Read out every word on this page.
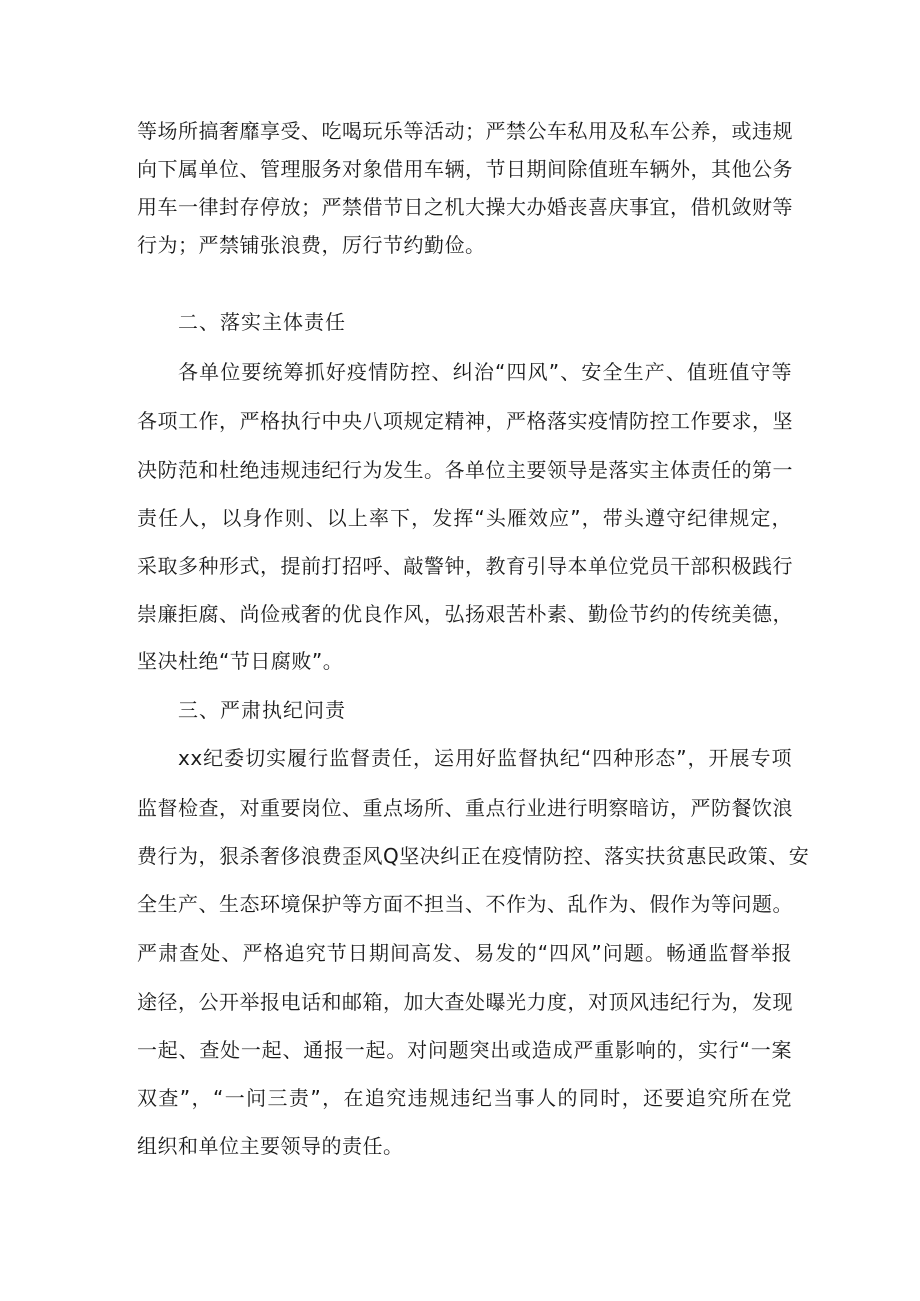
等场所搞奢靡享受、吃喝玩乐等活动；严禁公车私用及私车公养，或违规

向下属单位、管理服务对象借用车辆，节日期间除值班车辆外，其他公务

用车一律封存停放；严禁借节日之机大操大办婚丧喜庆事宜，借机敛财等

行为；严禁铺张浪费，厉行节约勤俭。

二、落实主体责任

各单位要统筹抓好疫情防控、纠治“四风”、安全生产、值班值守等

各项工作，严格执行中央八项规定精神，严格落实疫情防控工作要求，坚

决防范和杜绝违规违纪行为发生。各单位主要领导是落实主体责任的第一

责任人，以身作则、以上率下，发挥“头雁效应”，带头遵守纪律规定，

采取多种形式，提前打招呼、敲警钟，教育引导本单位党员干部积极践行

崇廉拒腐、尚俭戒奢的优良作风，弘扬艰苦朴素、勤俭节约的传统美德，

坚决杜绝“节日腐败”。

三、严肃执纪问责

xx纪委切实履行监督责任，运用好监督执纪“四种形态”，开展专项

监督检查，对重要岗位、重点场所、重点行业进行明察暗访，严防餐饮浪

费行为，狠杀奢侈浪费歪风Q坚决纠正在疫情防控、落实扶贫惠民政策、安

全生产、生态环境保护等方面不担当、不作为、乱作为、假作为等问题。

严肃查处、严格追究节日期间高发、易发的“四风”问题。畅通监督举报

途径，公开举报电话和邮箱，加大查处曝光力度，对顶风违纪行为，发现

一起、查处一起、通报一起。对问题突出或造成严重影响的，实行“一案

双查”，“一问三责”，在追究违规违纪当事人的同时，还要追究所在党

组织和单位主要领导的责任。
